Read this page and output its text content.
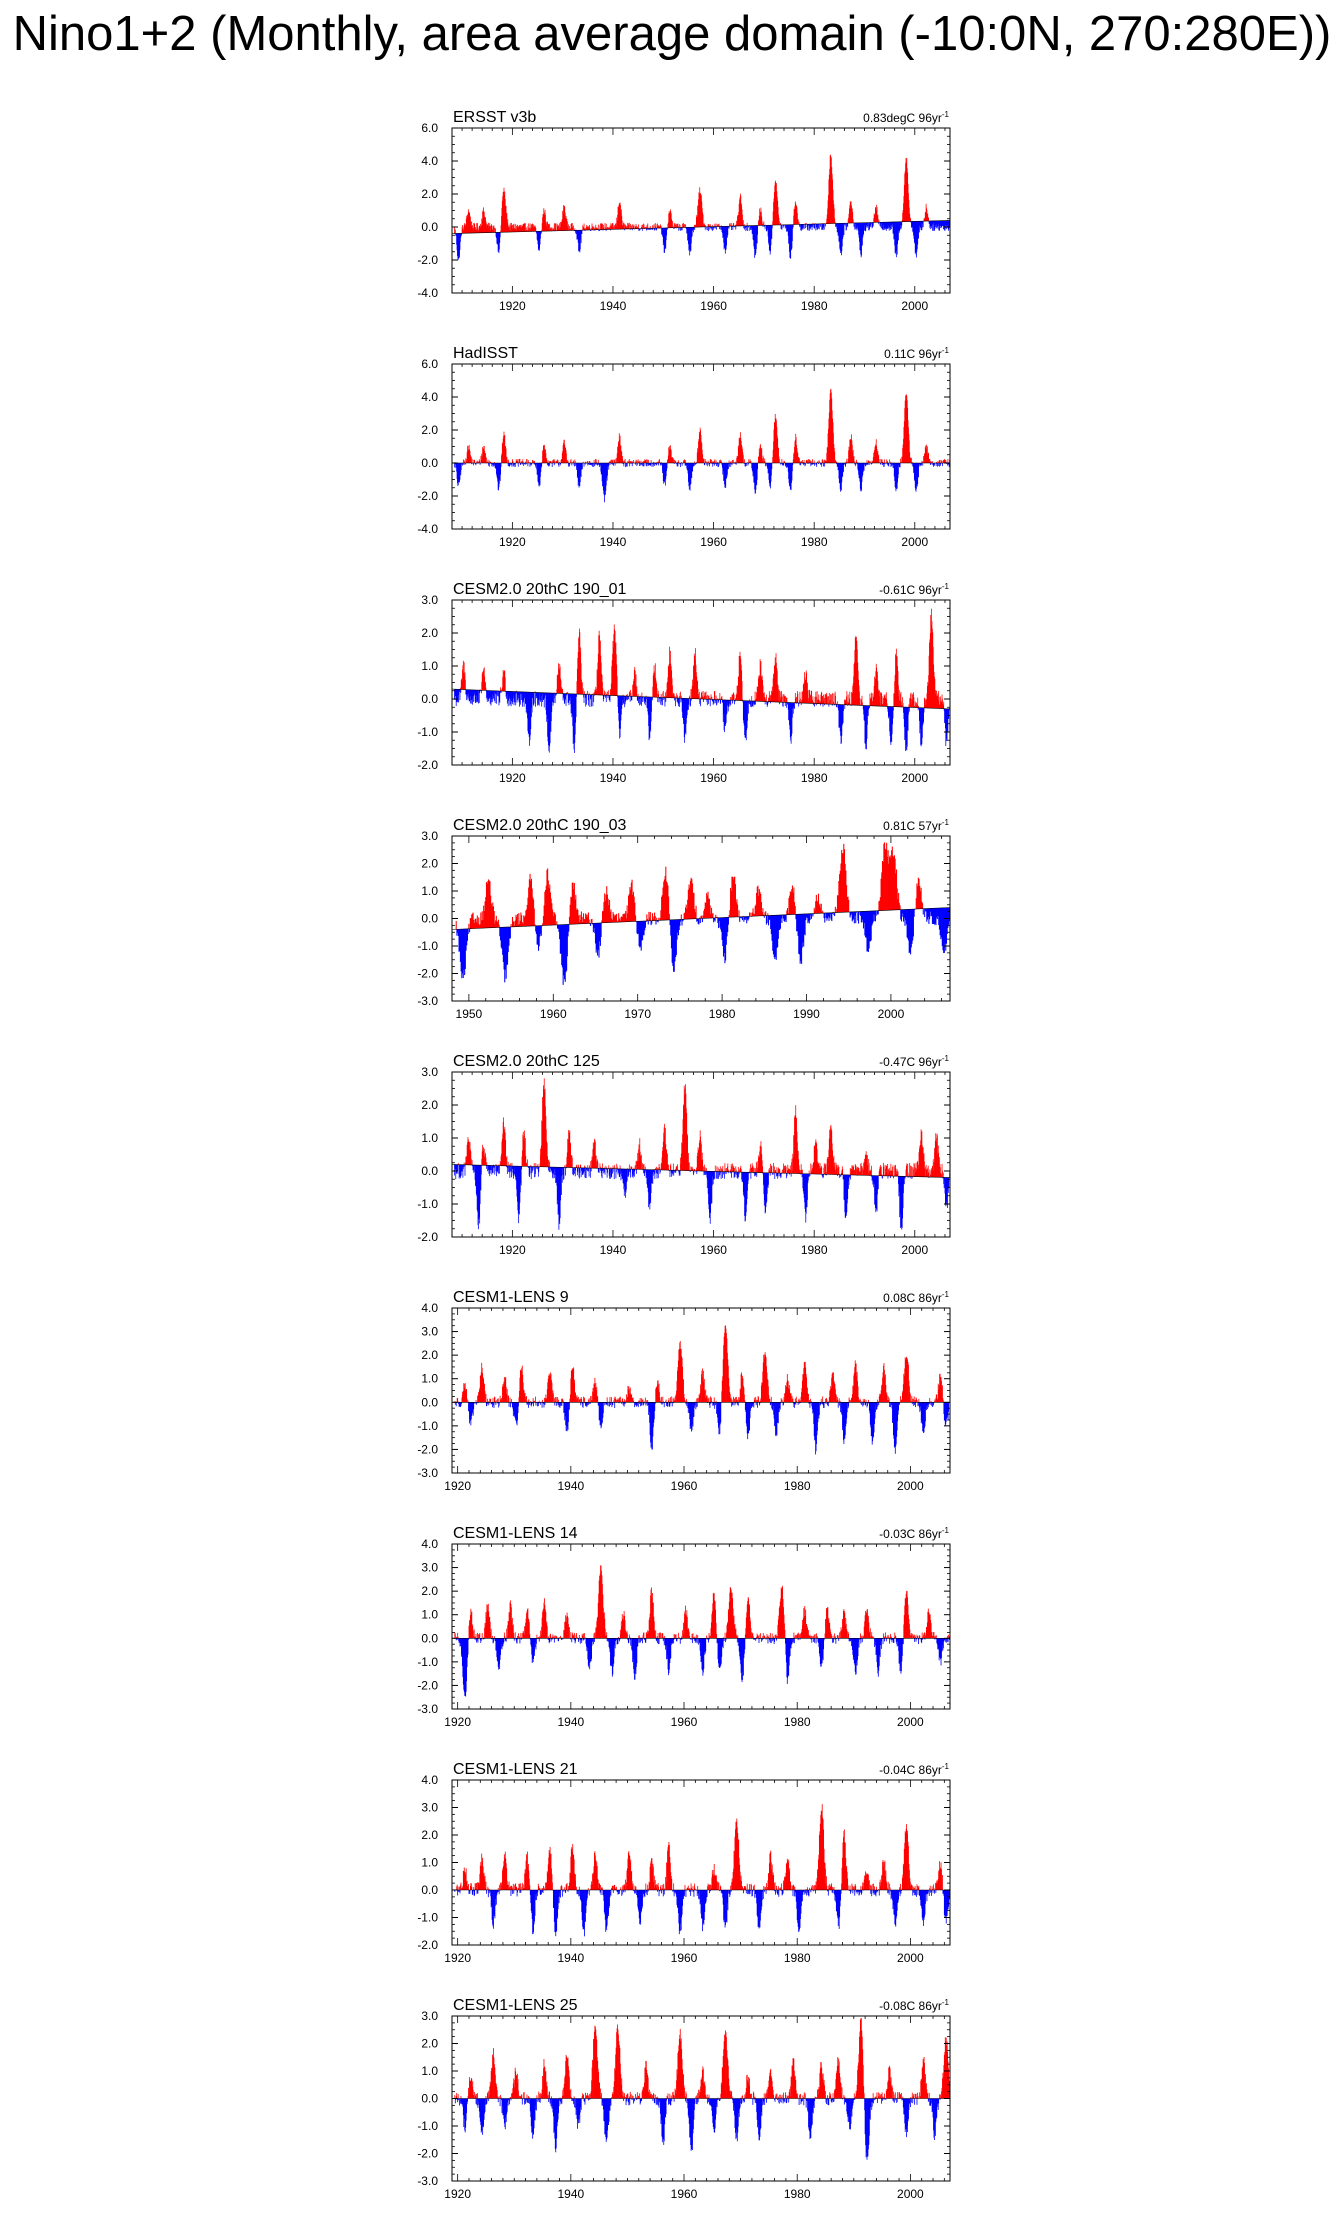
Nino1+2 (Monthly, area average domain (-10:0N, 270:280E))
-4.0
-2.0
0.0
2.0
4.0
6.0
1920	1940	1960	1980	2000
ERSST v3b	0.83degC $96yr^{-1}$
-4.0
-2.0
0.0
2.0
4.0
6.0
1920	1940	1960	1980	2000
HadISST	0.11C $96yr^{-1}$
-2.0
-1.0
0.0
1.0
2.0
3.0
1920	1940	1960	1980	2000
CESM2.0 20thC 190_01	-0.61C $96yr^{-1}$
-3.0
-2.0
-1.0
0.0
1.0
2.0
3.0
1950	1960	1970	1980	1990	2000
CESM2.0 20thC 190_03	0.81C $57yr^{-1}$
-2.0
-1.0
0.0
1.0
2.0
3.0
1920	1940	1960	1980	2000
CESM2.0 20thC 125	-0.47C $96yr^{-1}$
-3.0
-2.0
-1.0
0.0
1.0
2.0
3.0
4.0
1920	1940	1960	1980	2000
CESM1-LENS 9	0.08C $86yr^{-1}$
-3.0
-2.0
-1.0
0.0
1.0
2.0
3.0
4.0
1920	1940	1960	1980	2000
CESM1-LENS 14	-0.03C $86yr^{-1}$
-2.0
-1.0
0.0
1.0
2.0
3.0
4.0
1920	1940	1960	1980	2000
CESM1-LENS 21	-0.04C $86yr^{-1}$
-3.0
-2.0
-1.0
0.0
1.0
2.0
3.0
1920	1940	1960	1980	2000
CESM1-LENS 25	-0.08C $86yr^{-1}$
